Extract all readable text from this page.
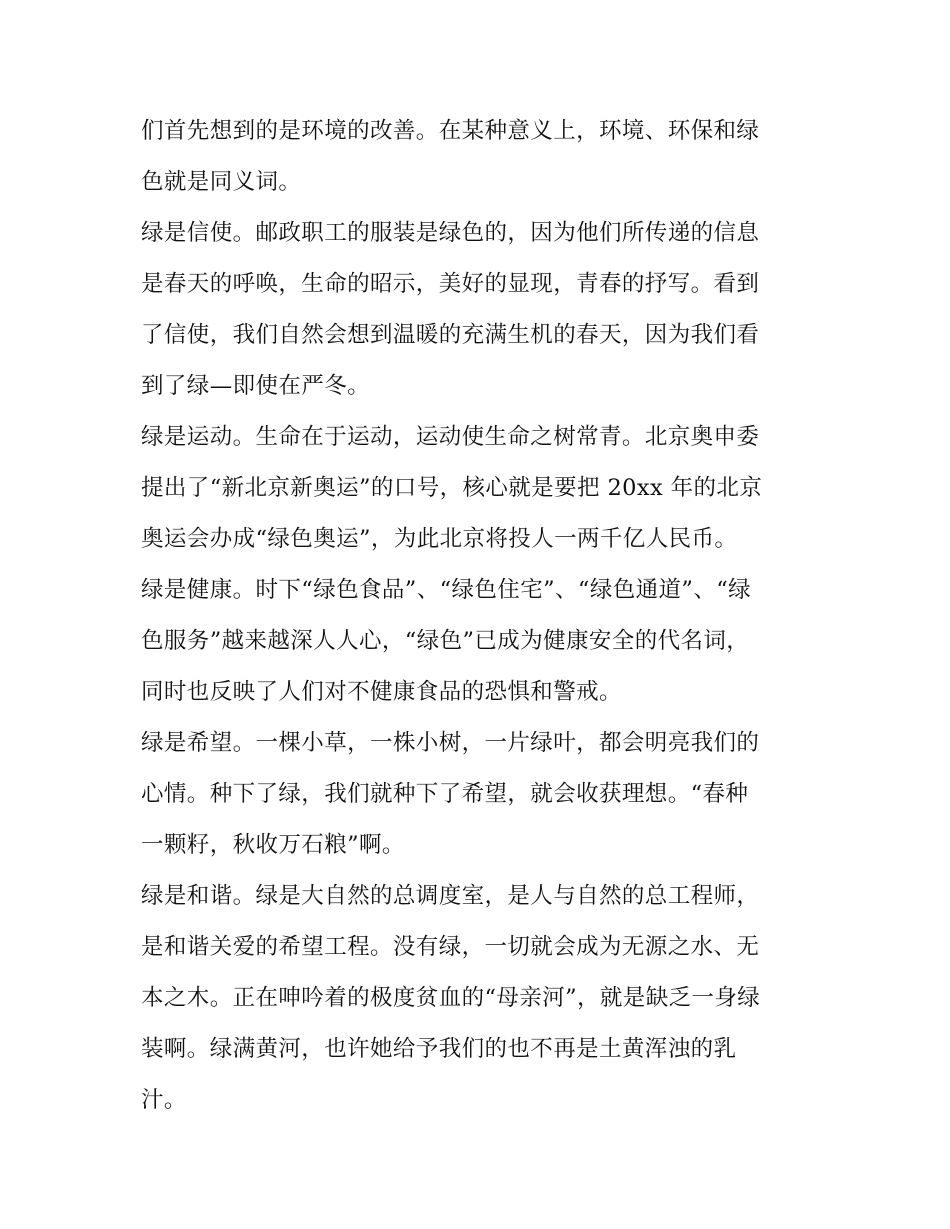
们首先想到的是环境的改善。在某种意义上，环境、环保和绿
色就是同义词。
绿是信使。邮政职工的服装是绿色的，因为他们所传递的信息
是春天的呼唤，生命的昭示，美好的显现，青春的抒写。看到
了信使，我们自然会想到温暖的充满生机的春天，因为我们看
到了绿—即使在严冬。
绿是运动。生命在于运动，运动使生命之树常青。北京奥申委
提出了“新北京新奥运”的口号，核心就是要把 20xx 年的北京
奥运会办成“绿色奥运”，为此北京将投人一两千亿人民币。
绿是健康。时下“绿色食品”、“绿色住宅”、“绿色通道”、“绿
色服务”越来越深人人心，“绿色”已成为健康安全的代名词，
同时也反映了人们对不健康食品的恐惧和警戒。
绿是希望。一棵小草，一株小树，一片绿叶，都会明亮我们的
心情。种下了绿，我们就种下了希望，就会收获理想。“春种
一颗籽，秋收万石粮”啊。
绿是和谐。绿是大自然的总调度室，是人与自然的总工程师，
是和谐关爱的希望工程。没有绿，一切就会成为无源之水、无
本之木。正在呻吟着的极度贫血的“母亲河”，就是缺乏一身绿
装啊。绿满黄河，也许她给予我们的也不再是土黄浑浊的乳
汁。
